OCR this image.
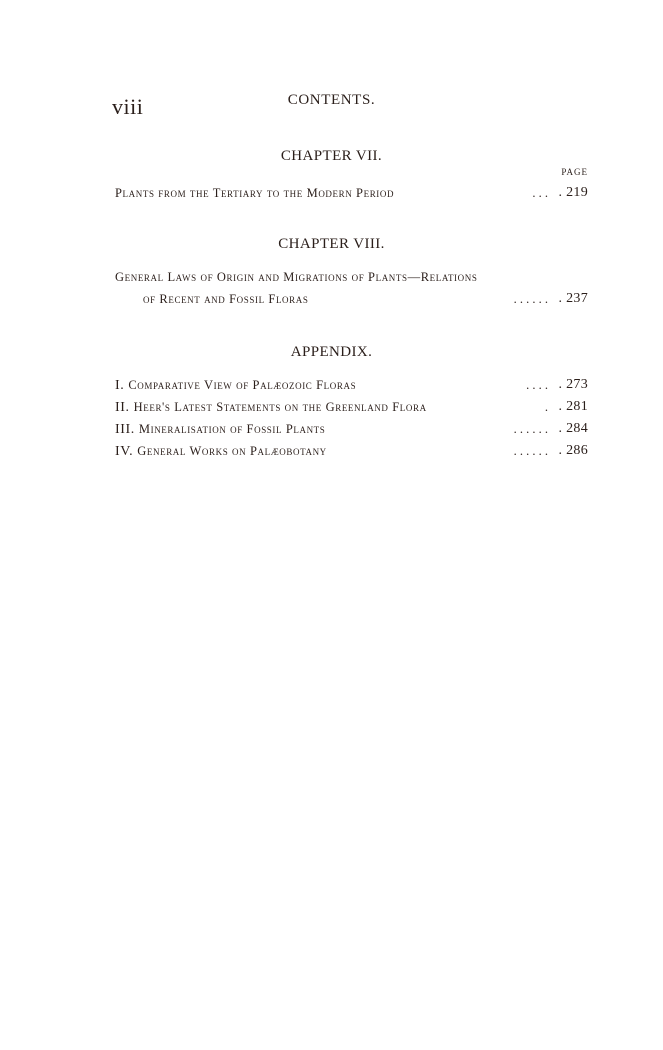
viii	CONTENTS.
CHAPTER VII.
PAGE
Plants from the Tertiary to the Modern Period	. . . . 219
CHAPTER VIII.
General Laws of Origin and Migrations of Plants—Relations
of Recent and Fossil Floras	. . . . . . . 237
APPENDIX.
I. Comparative View of Palæozoic Floras	. . . . . 273
II. Heer's Latest Statements on the Greenland Flora	. . 281
III. Mineralisation of Fossil Plants	. . . . . . . 284
IV. General Works on Palæobotany	. . . . . . . 286
